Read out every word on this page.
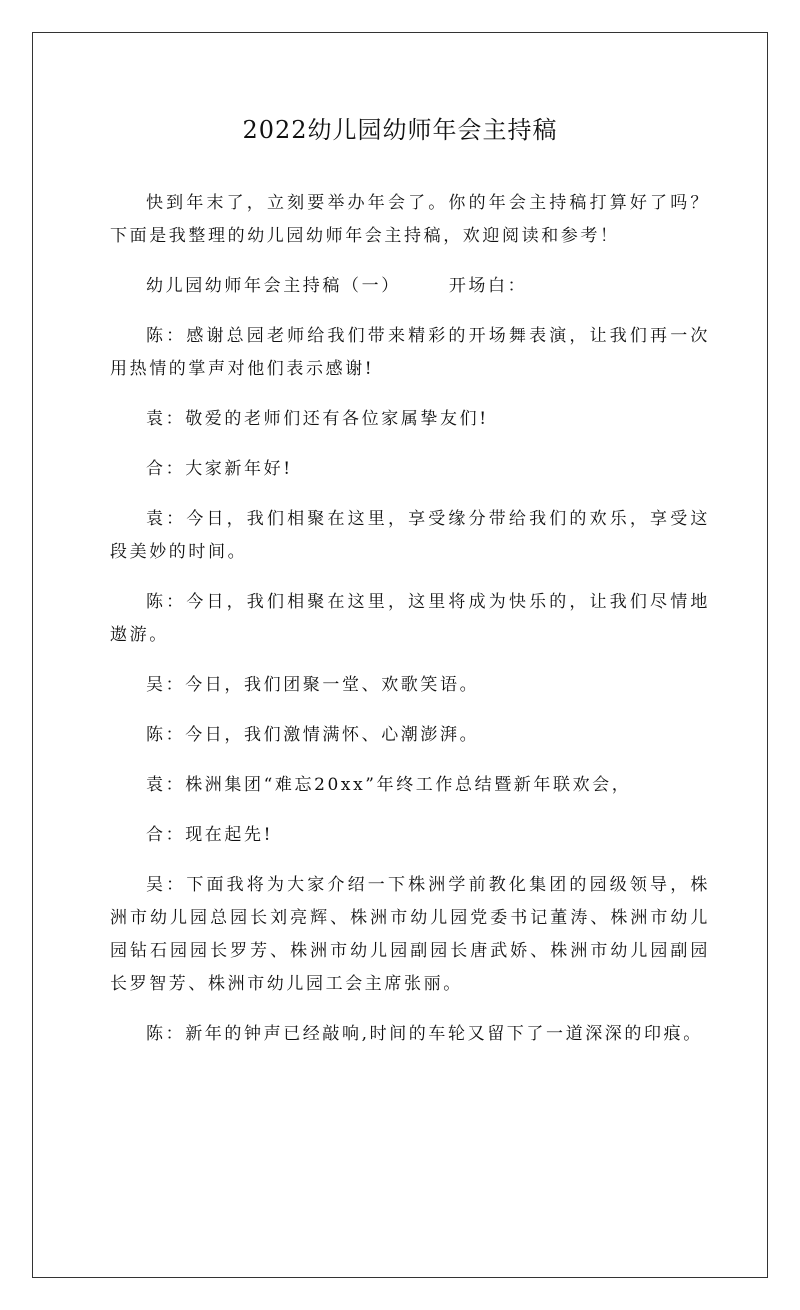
2022幼儿园幼师年会主持稿

快到年末了，立刻要举办年会了。你的年会主持稿打算好了吗？下面是我整理的幼儿园幼师年会主持稿，欢迎阅读和参考！

幼儿园幼师年会主持稿（一）      开场白：

陈：感谢总园老师给我们带来精彩的开场舞表演，让我们再一次用热情的掌声对他们表示感谢!

袁：敬爱的老师们还有各位家属挚友们!

合：大家新年好!

袁：今日，我们相聚在这里，享受缘分带给我们的欢乐，享受这段美妙的时间。

陈：今日，我们相聚在这里，这里将成为快乐的，让我们尽情地遨游。

吴：今日，我们团聚一堂、欢歌笑语。

陈：今日，我们激情满怀、心潮澎湃。

袁：株洲集团“难忘20xx”年终工作总结暨新年联欢会，

合：现在起先!

吴：下面我将为大家介绍一下株洲学前教化集团的园级领导，株洲市幼儿园总园长刘亮辉、株洲市幼儿园党委书记董涛、株洲市幼儿园钻石园园长罗芳、株洲市幼儿园副园长唐武娇、株洲市幼儿园副园长罗智芳、株洲市幼儿园工会主席张丽。

陈：新年的钟声已经敲响,时间的车轮又留下了一道深深的印痕。
